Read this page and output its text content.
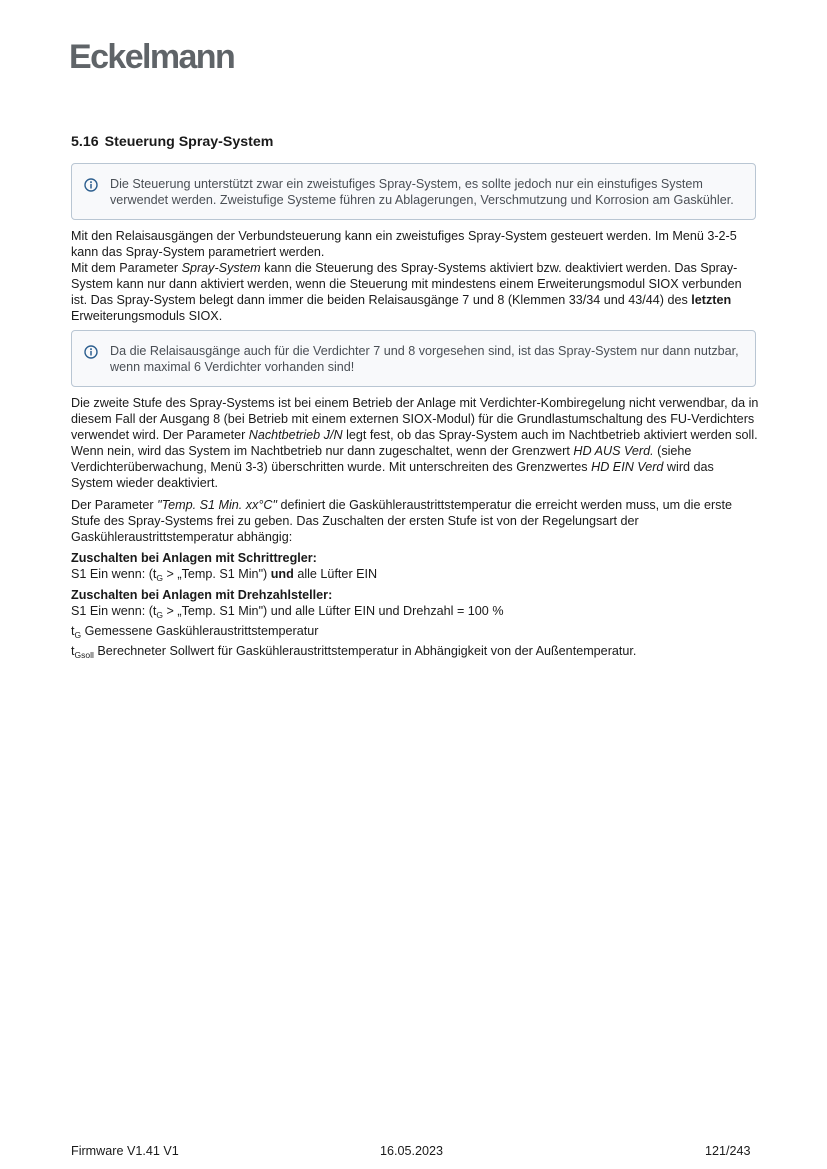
Eckelmann
5.16 Steuerung Spray-System

Die Steuerung unterstützt zwar ein zweistufiges Spray-System, es sollte jedoch nur ein einstufiges System verwendet werden. Zweistufige Systeme führen zu Ablagerungen, Verschmutzung und Korrosion am Gaskühler.

Mit den Relaisausgängen der Verbundsteuerung kann ein zweistufiges Spray-System gesteuert werden. Im Menü 3-2-5 kann das Spray-System parametriert werden.
Mit dem Parameter Spray-System kann die Steuerung des Spray-Systems aktiviert bzw. deaktiviert werden. Das Spray-System kann nur dann aktiviert werden, wenn die Steuerung mit mindestens einem Erweiterungsmodul SIOX verbunden ist. Das Spray-System belegt dann immer die beiden Relaisausgänge 7 und 8 (Klemmen 33/34 und 43/44) des letzten Erweiterungsmoduls SIOX.

Da die Relaisausgänge auch für die Verdichter 7 und 8 vorgesehen sind, ist das Spray-System nur dann nutzbar, wenn maximal 6 Verdichter vorhanden sind!

Die zweite Stufe des Spray-Systems ist bei einem Betrieb der Anlage mit Verdichter-Kombiregelung nicht verwendbar, da in diesem Fall der Ausgang 8 (bei Betrieb mit einem externen SIOX-Modul) für die Grundlastumschaltung des FU-Verdichters verwendet wird. Der Parameter Nachtbetrieb J/N legt fest, ob das Spray-System auch im Nachtbetrieb aktiviert werden soll. Wenn nein, wird das System im Nachtbetrieb nur dann zugeschaltet, wenn der Grenzwert HD AUS Verd. (siehe Verdichterüberwachung, Menü 3-3) überschritten wurde. Mit unterschreiten des Grenzwertes HD EIN Verd wird das System wieder deaktiviert.

Der Parameter "Temp. S1 Min. xx°C" definiert die Gaskühleraustrittstemperatur die erreicht werden muss, um die erste Stufe des Spray-Systems frei zu geben. Das Zuschalten der ersten Stufe ist von der Regelungsart der Gaskühleraustrittstemperatur abhängig:

Zuschalten bei Anlagen mit Schrittregler:

S1 Ein wenn: ($t_G$ > „Temp. S1 Min") und alle Lüfter EIN

Zuschalten bei Anlagen mit Drehzahlsteller:

S1 Ein wenn: ($t_G$ > „Temp. S1 Min") und alle Lüfter EIN und Drehzahl = 100 %

$t_G$ Gemessene Gaskühleraustrittstemperatur

$t_{Gsoll}$ Berechneter Sollwert für Gaskühleraustrittstemperatur in Abhängigkeit von der Außentemperatur.

Firmware V1.41 V1	16.05.2023	121/243
